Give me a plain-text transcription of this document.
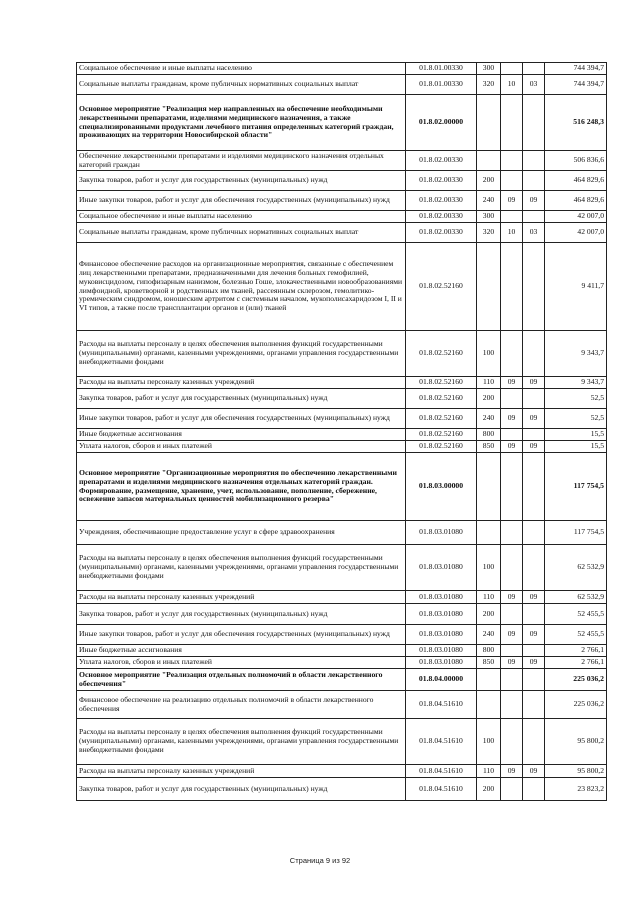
Социальное обеспечение и иные выплаты населению	01.8.01.00330	300			744 394,7
Социальные выплаты гражданам, кроме публичных нормативных социальных выплат	01.8.01.00330	320	10	03	744 394,7
Основное мероприятие "Реализация мер направленных на обеспечение необходимыми лекарственными препаратами, изделиями медицинского назначения, а также специализированными продуктами лечебного питания определенных категорий граждан, проживающих на территории Новосибирской области"	01.8.02.00000				516 248,3
Обеспечение лекарственными препаратами и изделиями медицинского назначения отдельных категорий граждан	01.8.02.00330				506 836,6
Закупка товаров, работ и услуг для государственных (муниципальных) нужд	01.8.02.00330	200			464 829,6
Иные закупки товаров, работ и услуг для обеспечения государственных (муниципальных) нужд	01.8.02.00330	240	09	09	464 829,6
Социальное обеспечение и иные выплаты населению	01.8.02.00330	300			42 007,0
Социальные выплаты гражданам, кроме публичных нормативных социальных выплат	01.8.02.00330	320	10	03	42 007,0
Финансовое обеспечение расходов на организационные мероприятия, связанные с обеспечением лиц лекарственными препаратами, предназначенными для лечения больных гемофилией, муковисцидозом, гипофизарным нанизмом, болезнью Гоше, злокачественными новообразованиями лимфоидной, кроветворной и родственных им тканей, рассеянным склерозом, гемолитико-уремическим синдромом, юношеским артритом с системным началом, мукополисахаридозом I, II и VI типов, а также после трансплантации органов и (или) тканей	01.8.02.52160				9 411,7
Расходы на выплаты персоналу в целях обеспечения выполнения функций государственными (муниципальными) органами, казенными учреждениями, органами управления государственными внебюджетными фондами	01.8.02.52160	100			9 343,7
Расходы на выплаты персоналу казенных учреждений	01.8.02.52160	110	09	09	9 343,7
Закупка товаров, работ и услуг для государственных (муниципальных) нужд	01.8.02.52160	200			52,5
Иные закупки товаров, работ и услуг для обеспечения государственных (муниципальных) нужд	01.8.02.52160	240	09	09	52,5
Иные бюджетные ассигнования	01.8.02.52160	800			15,5
Уплата налогов, сборов и иных платежей	01.8.02.52160	850	09	09	15,5
Основное мероприятие "Организационные мероприятия по обеспечению лекарственными препаратами и изделиями медицинского назначения отдельных категорий граждан. Формирование, размещение, хранение, учет, использование, пополнение, сбережение, освежение запасов материальных ценностей мобилизационного резерва"	01.8.03.00000				117 754,5
Учреждения, обеспечивающие предоставление услуг в сфере здравоохранения	01.8.03.01080				117 754,5
Расходы на выплаты персоналу в целях обеспечения выполнения функций государственными (муниципальными) органами, казенными учреждениями, органами управления государственными внебюджетными фондами	01.8.03.01080	100			62 532,9
Расходы на выплаты персоналу казенных учреждений	01.8.03.01080	110	09	09	62 532,9
Закупка товаров, работ и услуг для государственных (муниципальных) нужд	01.8.03.01080	200			52 455,5
Иные закупки товаров, работ и услуг для обеспечения государственных (муниципальных) нужд	01.8.03.01080	240	09	09	52 455,5
Иные бюджетные ассигнования	01.8.03.01080	800			2 766,1
Уплата налогов, сборов и иных платежей	01.8.03.01080	850	09	09	2 766,1
Основное мероприятие "Реализация отдельных полномочий в области лекарственного обеспечения"	01.8.04.00000				225 036,2
Финансовое обеспечение на реализацию отдельных полномочий в области лекарственного обеспечения	01.8.04.51610				225 036,2
Расходы на выплаты персоналу в целях обеспечения выполнения функций государственными (муниципальными) органами, казенными учреждениями, органами управления государственными внебюджетными фондами	01.8.04.51610	100			95 800,2
Расходы на выплаты персоналу казенных учреждений	01.8.04.51610	110	09	09	95 800,2
Закупка товаров, работ и услуг для государственных (муниципальных) нужд	01.8.04.51610	200			23 823,2
Страница 9 из 92
